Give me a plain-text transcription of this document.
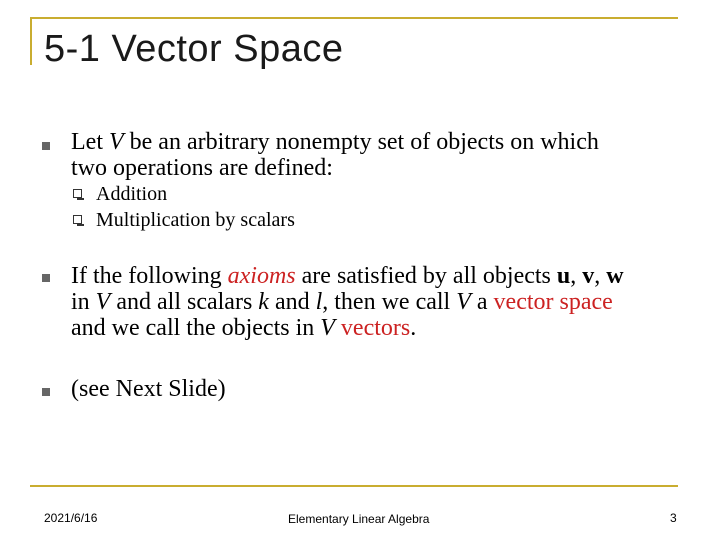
5-1 Vector Space
Let V be an arbitrary nonempty set of objects on which
two operations are defined:
Addition
Multiplication by scalars
If the following axioms are satisfied by all objects u, v, w
in V and all scalars k and l, then we call V a vector space
and we call the objects in V vectors.
(see Next Slide)
2021/6/16	Elementary Linear Algebra	3
